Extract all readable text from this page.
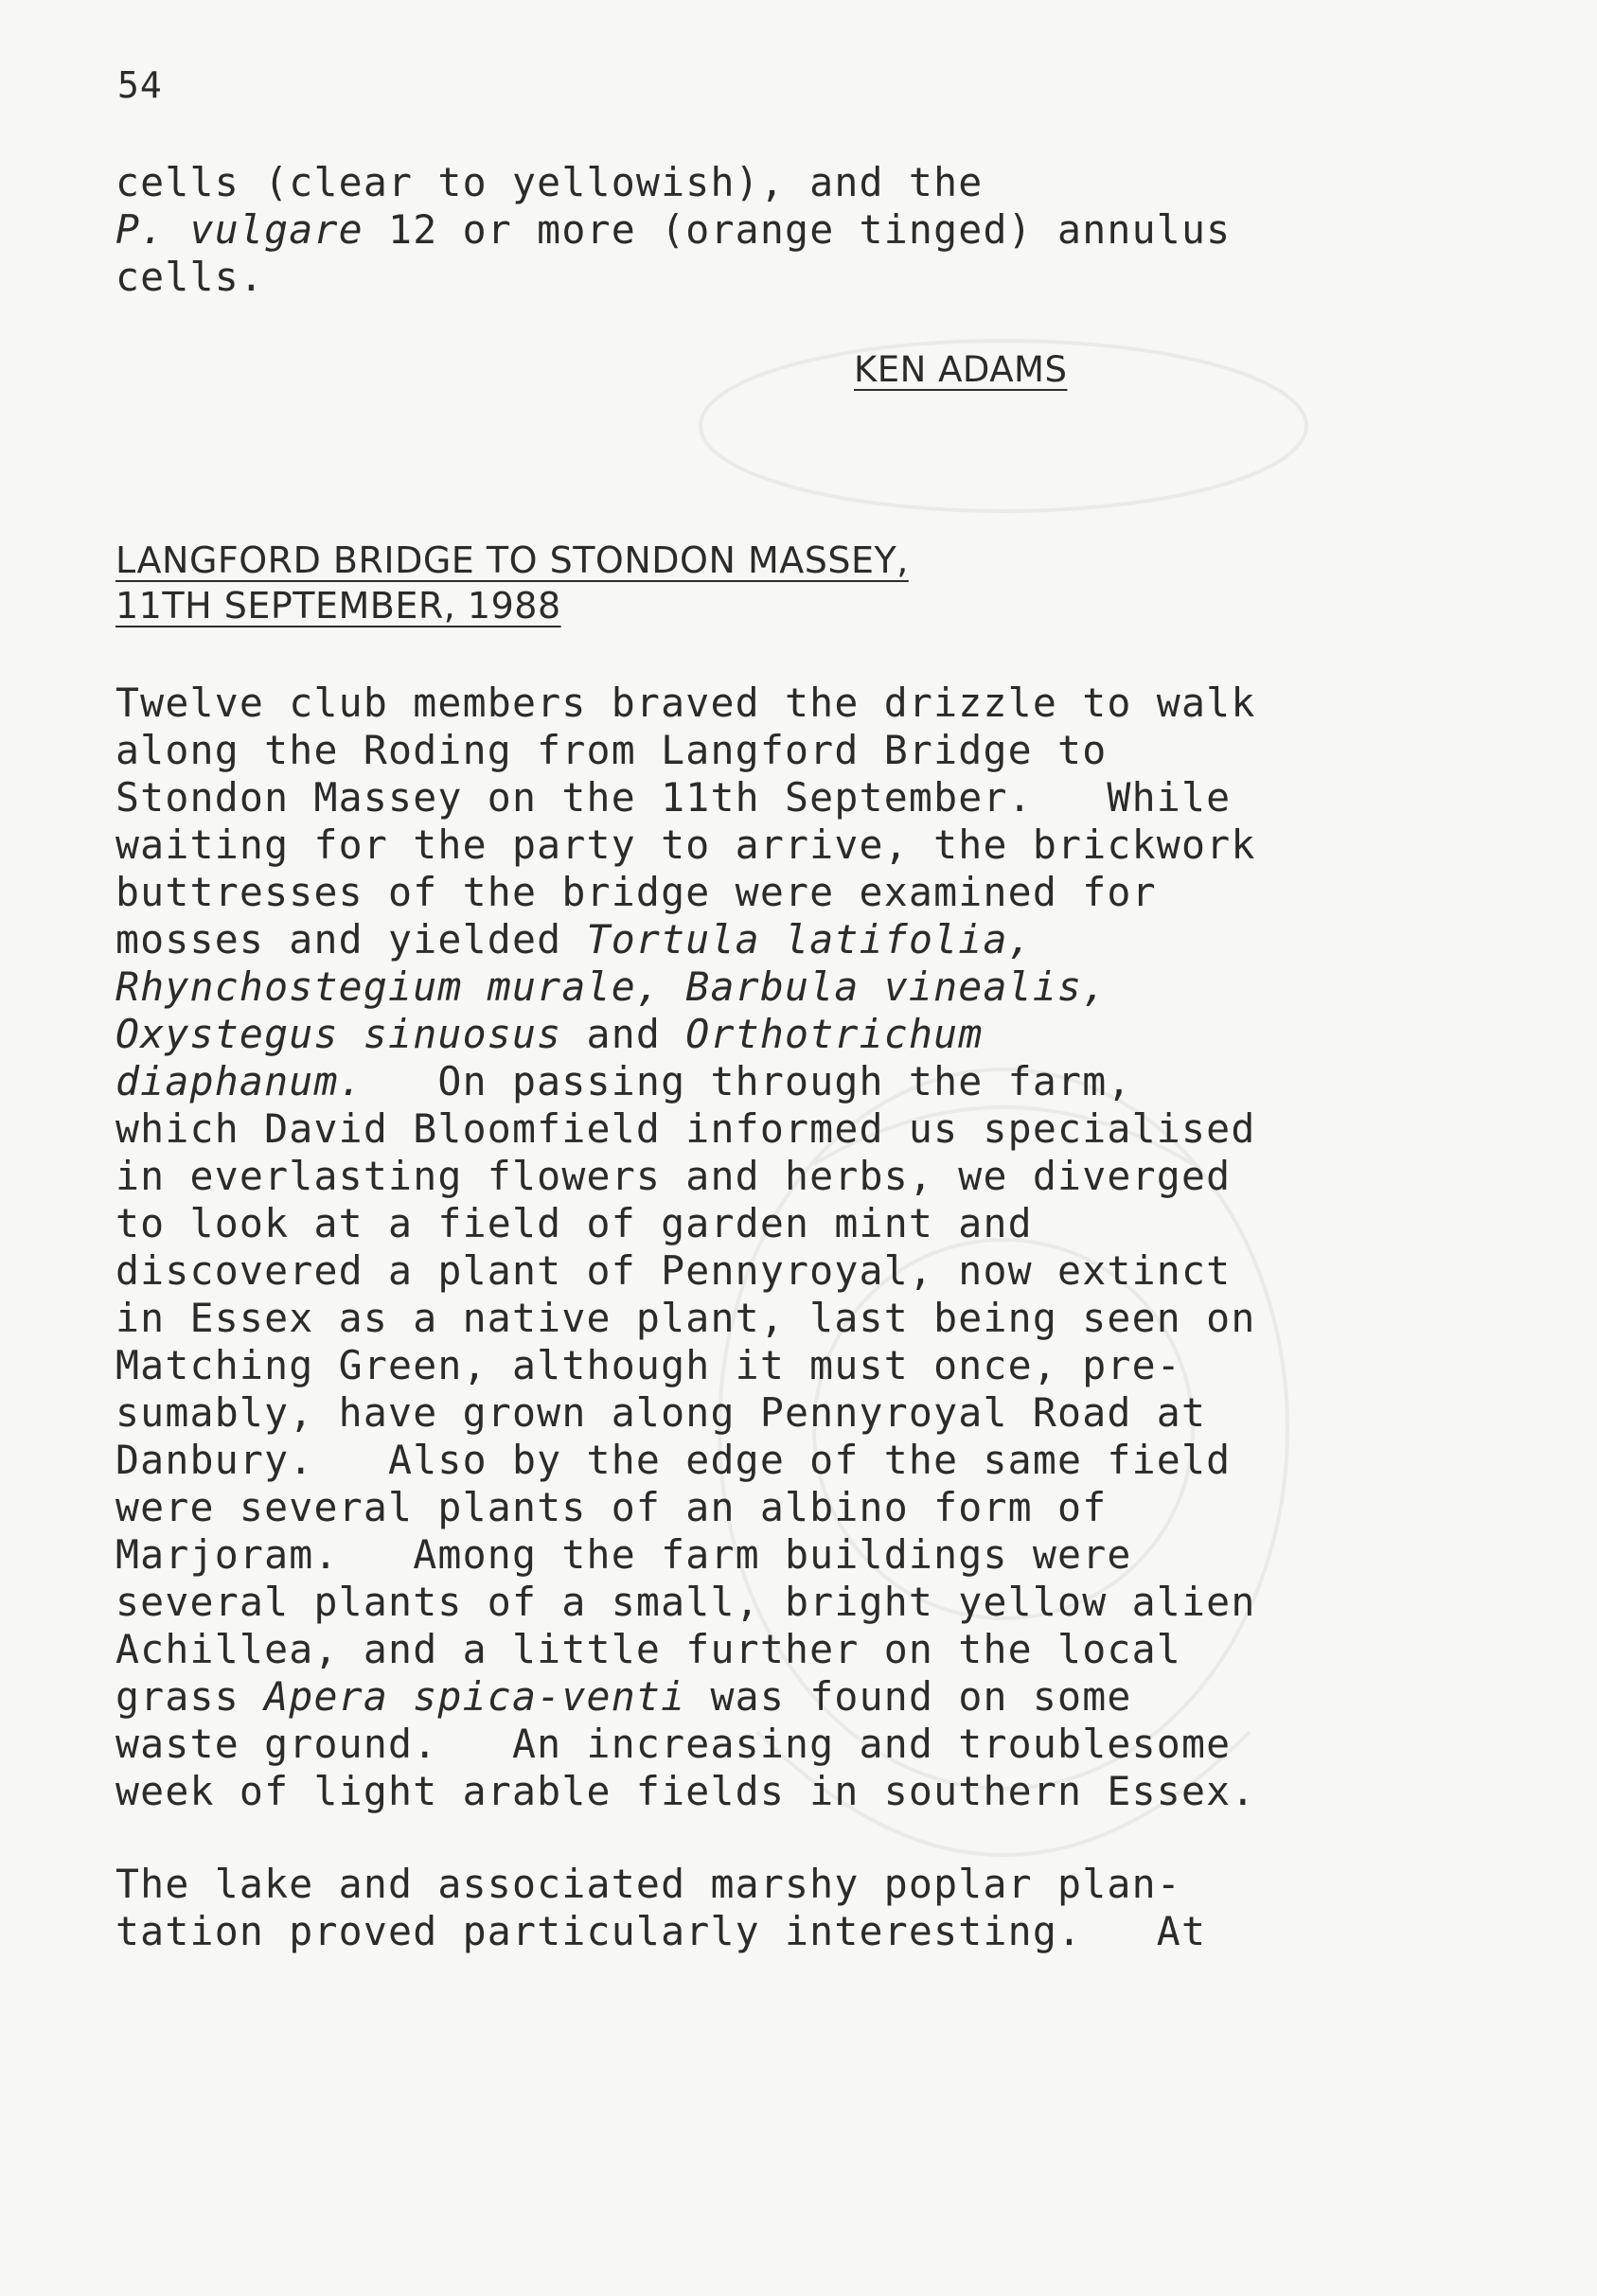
54
cells (clear to yellowish), and the
P. vulgare 12 or more (orange tinged) annulus
cells.
KEN ADAMS
LANGFORD BRIDGE TO STONDON MASSEY,
11TH SEPTEMBER, 1988
Twelve club members braved the drizzle to walk
along the Roding from Langford Bridge to
Stondon Massey on the 11th September.   While
waiting for the party to arrive, the brickwork
buttresses of the bridge were examined for
mosses and yielded Tortula latifolia,
Rhynchostegium murale, Barbula vinealis,
Oxystegus sinuosus and Orthotrichum
diaphanum.   On passing through the farm,
which David Bloomfield informed us specialised
in everlasting flowers and herbs, we diverged
to look at a field of garden mint and
discovered a plant of Pennyroyal, now extinct
in Essex as a native plant, last being seen on
Matching Green, although it must once, pre-
sumably, have grown along Pennyroyal Road at
Danbury.   Also by the edge of the same field
were several plants of an albino form of
Marjoram.   Among the farm buildings were
several plants of a small, bright yellow alien
Achillea, and a little further on the local
grass Apera spica-venti was found on some
waste ground.   An increasing and troublesome
week of light arable fields in southern Essex.
The lake and associated marshy poplar plan-
tation proved particularly interesting.   At
